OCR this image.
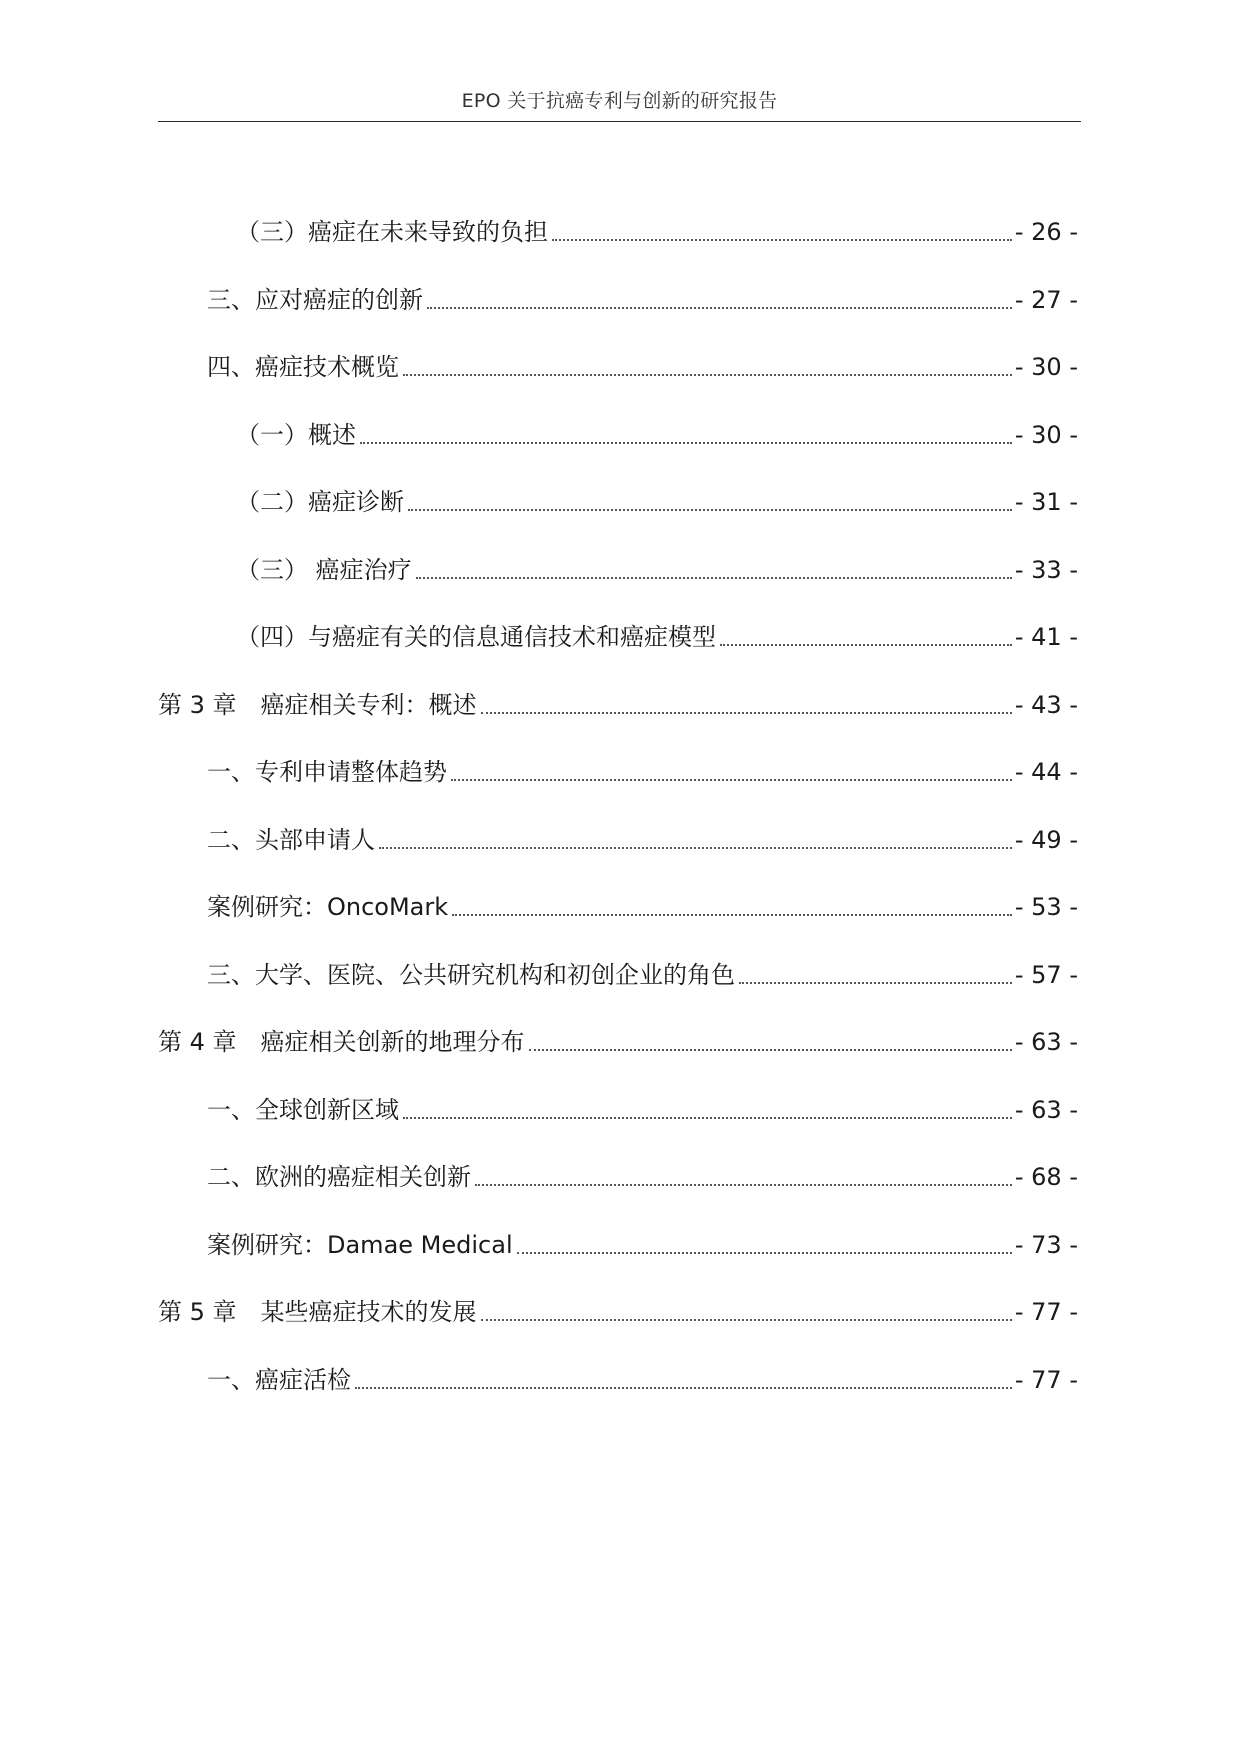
EPO 关于抗癌专利与创新的研究报告
（三）癌症在未来导致的负担	- 26 -
三、应对癌症的创新	- 27 -
四、癌症技术概览	- 30 -
（一）概述	- 30 -
（二）癌症诊断	- 31 -
（三） 癌症治疗	- 33 -
（四）与癌症有关的信息通信技术和癌症模型	- 41 -
第 3 章 癌症相关专利：概述	- 43 -
一、专利申请整体趋势	- 44 -
二、头部申请人	- 49 -
案例研究：OncoMark	- 53 -
三、大学、医院、公共研究机构和初创企业的角色	- 57 -
第 4 章 癌症相关创新的地理分布	- 63 -
一、全球创新区域	- 63 -
二、欧洲的癌症相关创新	- 68 -
案例研究：Damae Medical	- 73 -
第 5 章 某些癌症技术的发展	- 77 -
一、癌症活检	- 77 -
